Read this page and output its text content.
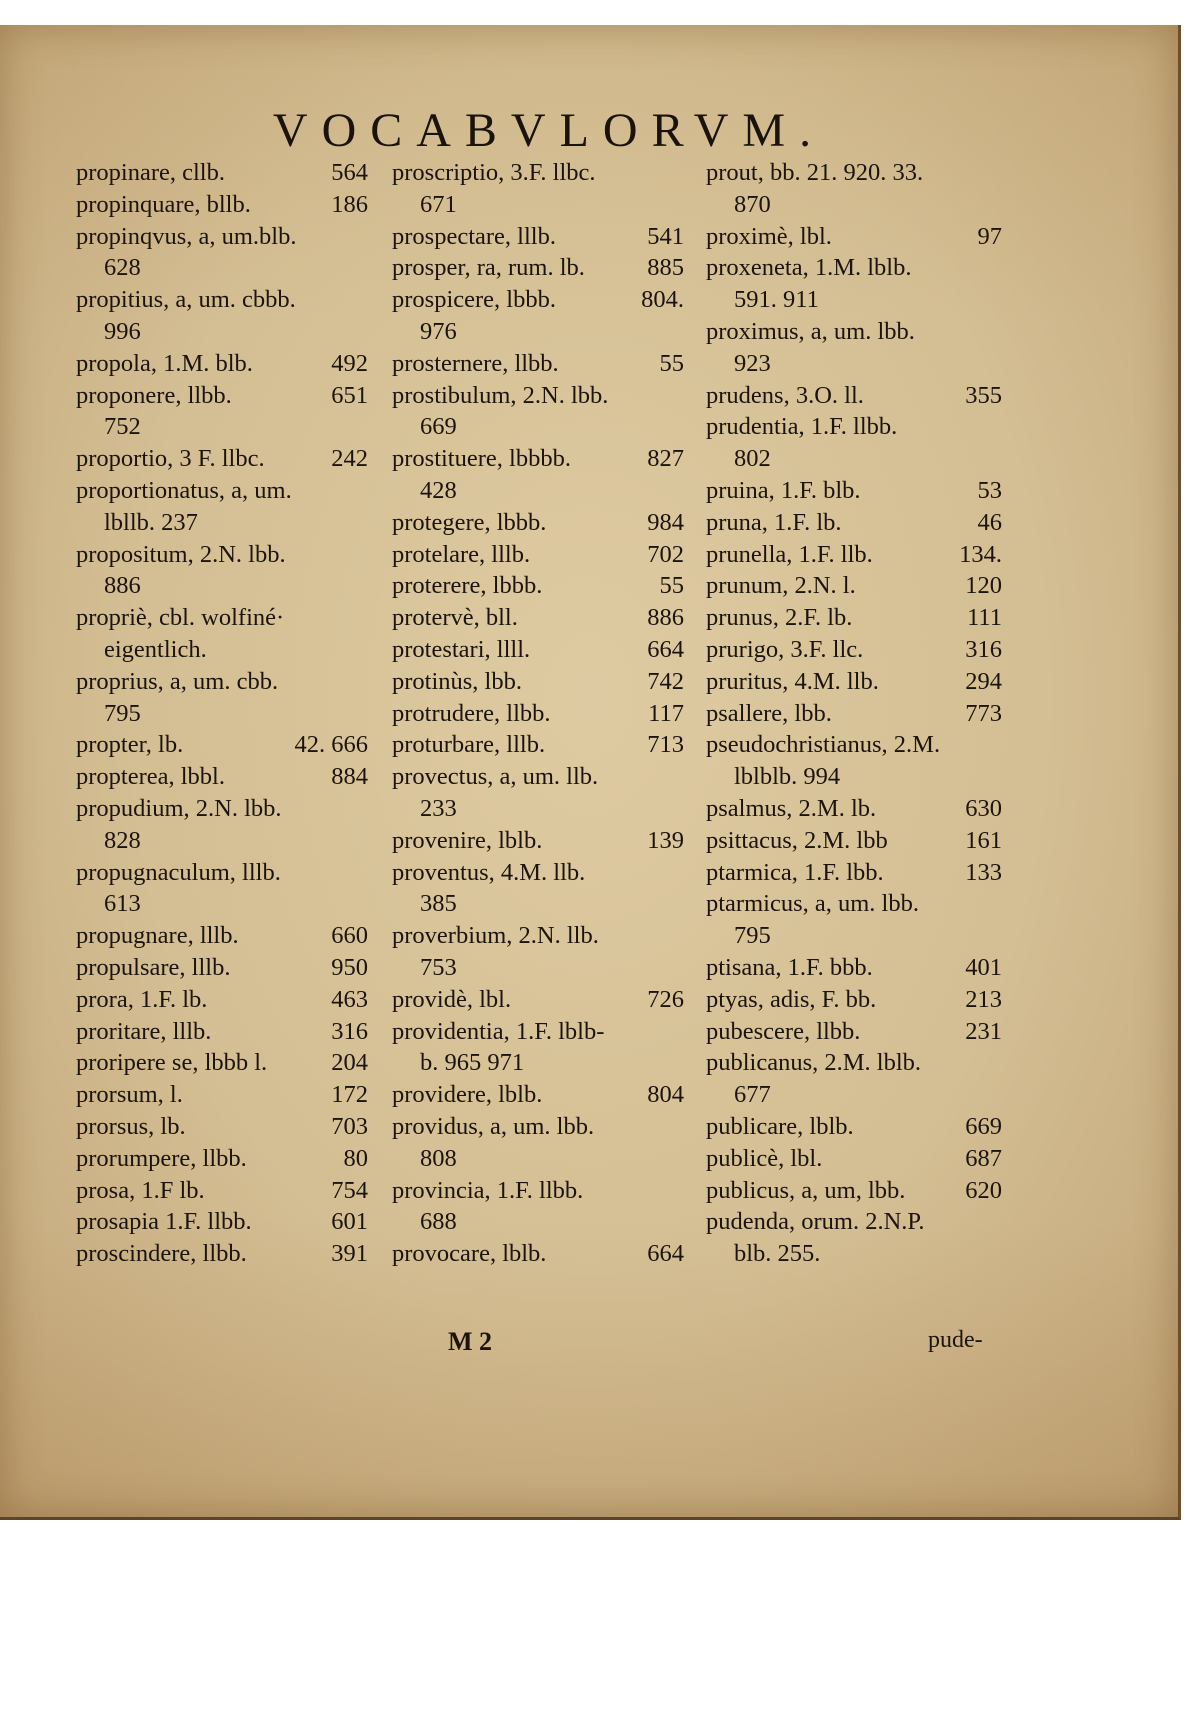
VOCABVLORVM.
propinare, cllb.	564
propinquare, bllb.	186
propinqvus, a, um.blb.
628
propitius, a, um. cbbb.
996
propola, 1.M. blb.	492
proponere, llbb.	651
752
proportio, 3 F. llbc.	242
proportionatus, a, um.
lbllb. 237
propositum, 2.N. lbb.
886
propriè, cbl. wolfiné·
eigentlich.
proprius, a, um. cbb.
795
propter, lb.	42. 666
propterea, lbbl.	884
propudium, 2.N. lbb.
828
propugnaculum, lllb.
613
propugnare, lllb.	660
propulsare, lllb.	950
prora, 1.F. lb.	463
proritare, lllb.	316
proripere se, lbbb l.	204
prorsum, l.	172
prorsus, lb.	703
prorumpere, llbb.	80
prosa, 1.F lb.	754
prosapia 1.F. llbb.	601
proscindere, llbb.	391
proscriptio, 3.F. llbc.
671
prospectare, lllb.	541
prosper, ra, rum. lb.	885
prospicere, lbbb.	804.
976
prosternere, llbb.	55
prostibulum, 2.N. lbb.
669
prostituere, lbbbb.	827
428
protegere, lbbb.	984
protelare, lllb.	702
proterere, lbbb.	55
protervè, bll.	886
protestari, llll.	664
protinùs, lbb.	742
protrudere, llbb.	117
proturbare, lllb.	713
provectus, a, um. llb.
233
provenire, lblb.	139
proventus, 4.M. llb.
385
proverbium, 2.N. llb.
753
providè, lbl.	726
providentia, 1.F. lblb-
b. 965 971
providere, lblb.	804
providus, a, um. lbb.
808
provincia, 1.F. llbb.
688
provocare, lblb.	664
prout, bb. 21. 920. 33.
870
proximè, lbl.	97
proxeneta, 1.M. lblb.
591. 911
proximus, a, um. lbb.
923
prudens, 3.O. ll.	355
prudentia, 1.F. llbb.
802
pruina, 1.F. blb.	53
pruna, 1.F. lb.	46
prunella, 1.F. llb.	134.
prunum, 2.N. l.	120
prunus, 2.F. lb.	111
prurigo, 3.F. llc.	316
pruritus, 4.M. llb.	294
psallere, lbb.	773
pseudochristianus, 2.M.
lblblb. 994
psalmus, 2.M. lb.	630
psittacus, 2.M. lbb	161
ptarmica, 1.F. lbb.	133
ptarmicus, a, um. lbb.
795
ptisana, 1.F. bbb.	401
ptyas, adis, F. bb.	213
pubescere, llbb.	231
publicanus, 2.M. lblb.
677
publicare, lblb.	669
publicè, lbl.	687
publicus, a, um, lbb.	620
pudenda, orum. 2.N.P.
blb. 255.
M 2	pude-
STRAHOV	STRAHOV
